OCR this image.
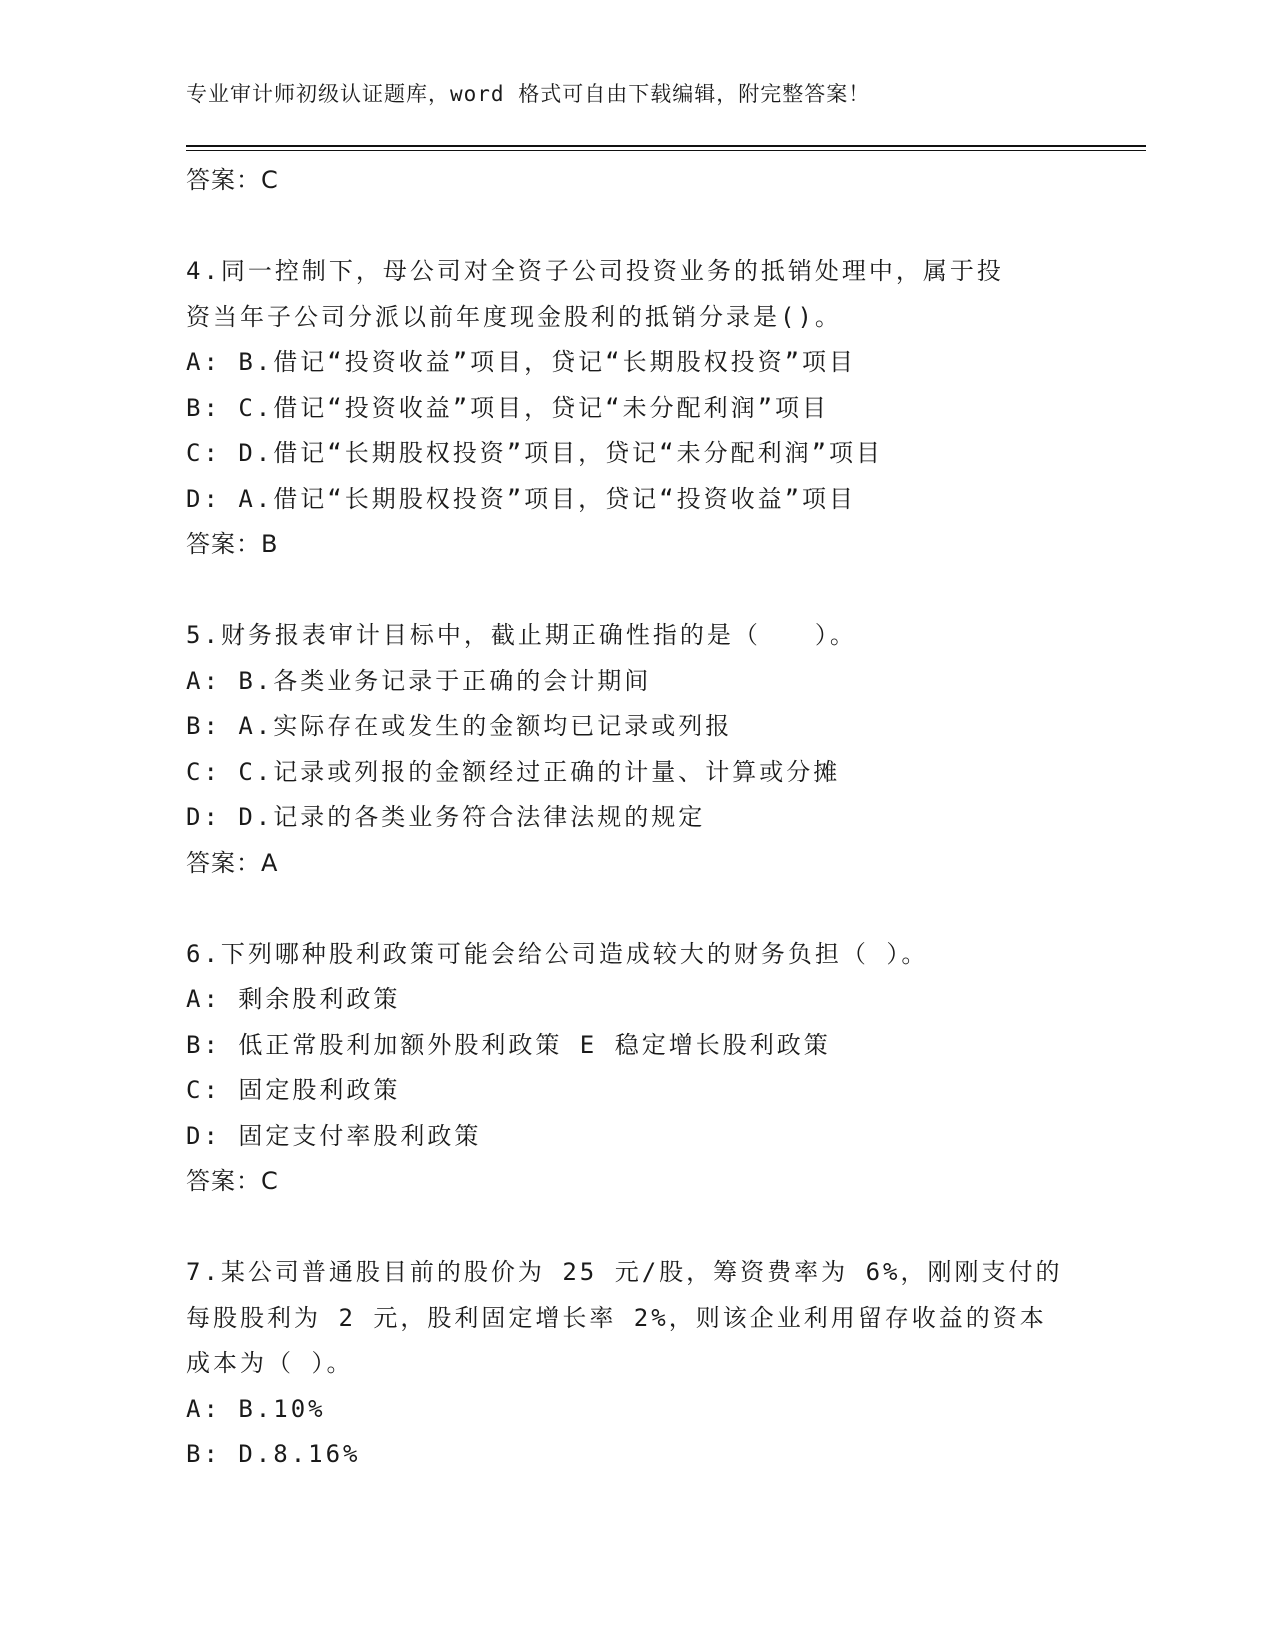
专业审计师初级认证题库，word 格式可自由下载编辑，附完整答案！
答案：C
4.同一控制下，母公司对全资子公司投资业务的抵销处理中，属于投
资当年子公司分派以前年度现金股利的抵销分录是()。
A: B.借记“投资收益”项目，贷记“长期股权投资”项目
B: C.借记“投资收益”项目，贷记“未分配利润”项目
C: D.借记“长期股权投资”项目，贷记“未分配利润”项目
D: A.借记“长期股权投资”项目，贷记“投资收益”项目
答案：B
5.财务报表审计目标中，截止期正确性指的是（　　）。
A: B.各类业务记录于正确的会计期间
B: A.实际存在或发生的金额均已记录或列报
C: C.记录或列报的金额经过正确的计量、计算或分摊
D: D.记录的各类业务符合法律法规的规定
答案：A
6.下列哪种股利政策可能会给公司造成较大的财务负担（ ）。
A: 剩余股利政策
B: 低正常股利加额外股利政策 E 稳定增长股利政策
C: 固定股利政策
D: 固定支付率股利政策
答案：C
7.某公司普通股目前的股价为 25 元/股，筹资费率为 6%，刚刚支付的
每股股利为 2 元，股利固定增长率 2%，则该企业利用留存收益的资本
成本为（ ）。
A: B.10%
B: D.8.16%
